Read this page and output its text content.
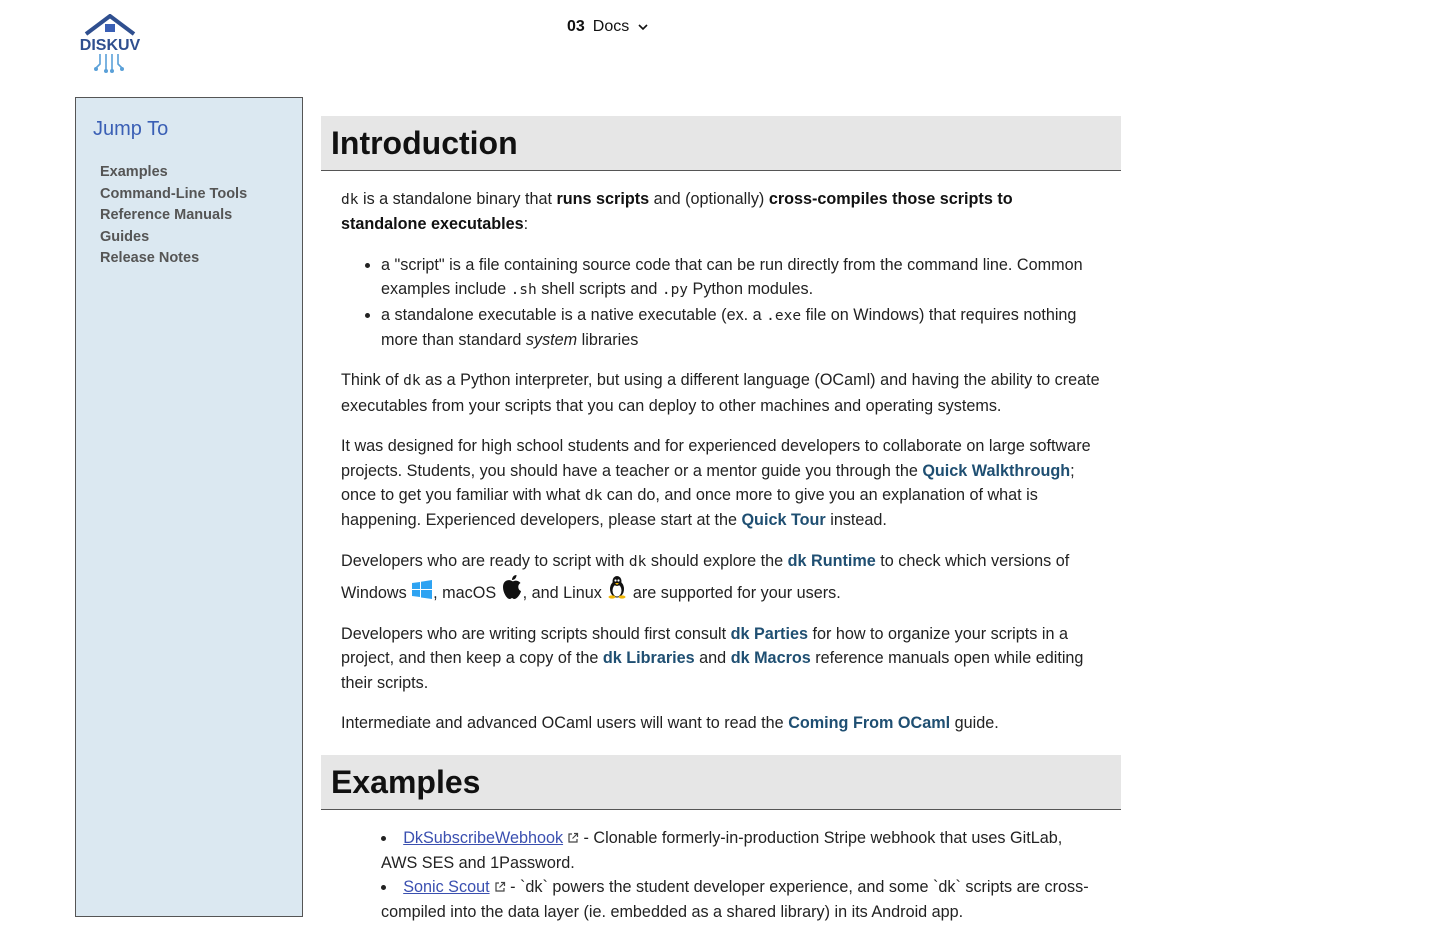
DISKUV
03 Docs
Jump To
Examples
Command-Line Tools
Reference Manuals
Guides
Release Notes
Introduction

dk is a standalone binary that runs scripts and (optionally) cross-compiles those scripts to standalone executables:

• a "script" is a file containing source code that can be run directly from the command line. Common examples include .sh shell scripts and .py Python modules.
• a standalone executable is a native executable (ex. a .exe file on Windows) that requires nothing more than standard system libraries

Think of dk as a Python interpreter, but using a different language (OCaml) and having the ability to create executables from your scripts that you can deploy to other machines and operating systems.

It was designed for high school students and for experienced developers to collaborate on large software projects. Students, you should have a teacher or a mentor guide you through the Quick Walkthrough; once to get you familiar with what dk can do, and once more to give you an explanation of what is happening. Experienced developers, please start at the Quick Tour instead.

Developers who are ready to script with dk should explore the dk Runtime to check which versions of Windows , macOS , and Linux  are supported for your users.

Developers who are writing scripts should first consult dk Parties for how to organize your scripts in a project, and then keep a copy of the dk Libraries and dk Macros reference manuals open while editing their scripts.

Intermediate and advanced OCaml users will want to read the Coming From OCaml guide.

Examples
• DkSubscribeWebhook - Clonable formerly-in-production Stripe webhook that uses GitLab, AWS SES and 1Password.
• Sonic Scout - `dk` powers the student developer experience, and some `dk` scripts are cross-compiled into the data layer (ie. embedded as a shared library) in its Android app.
